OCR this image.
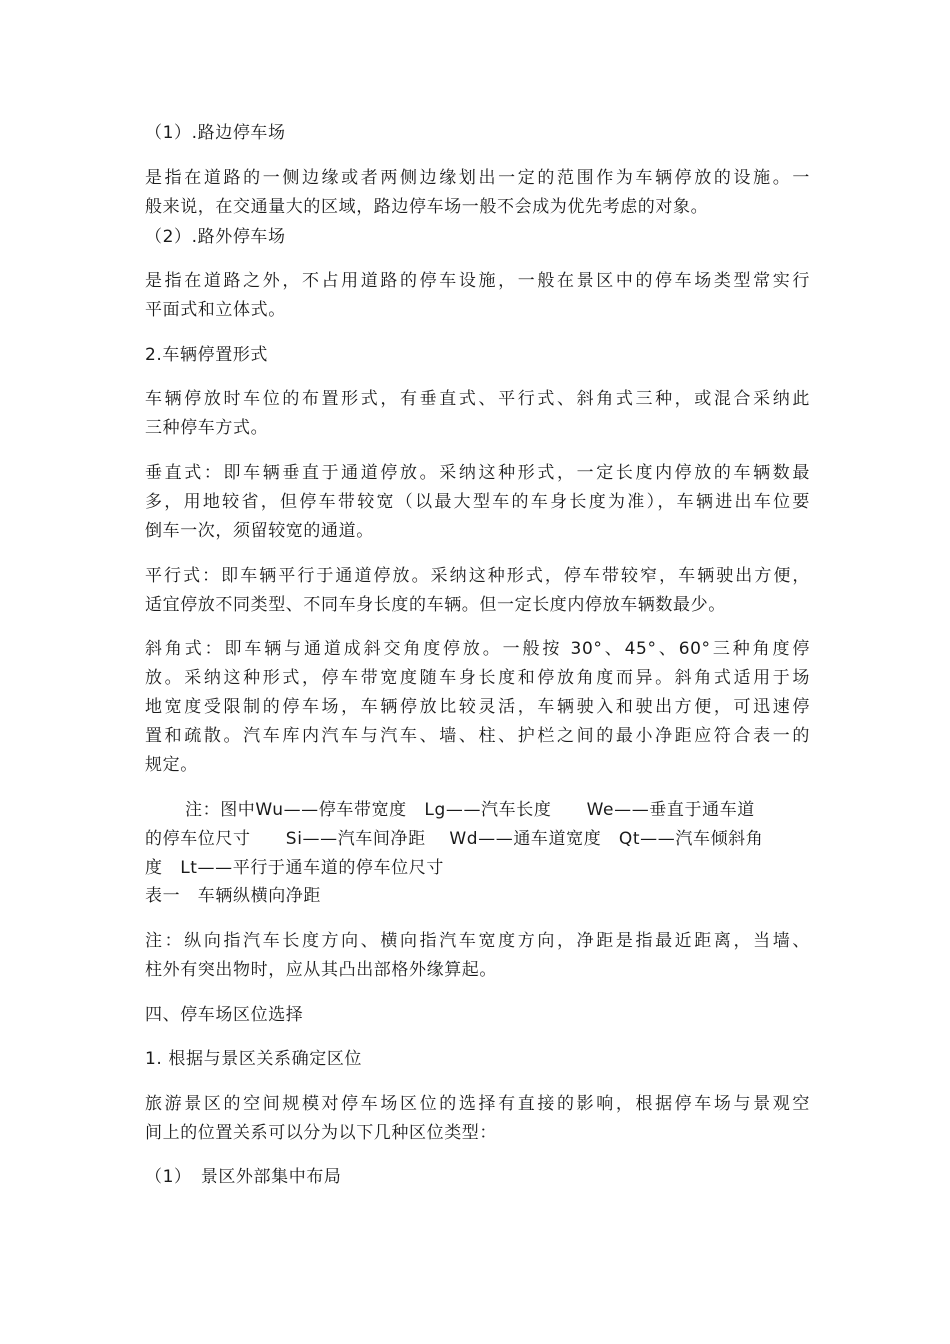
（1）.路边停车场
是指在道路的一侧边缘或者两侧边缘划出一定的范围作为车辆停放的设施。一
般来说，在交通量大的区域，路边停车场一般不会成为优先考虑的对象。
（2）.路外停车场
是指在道路之外，不占用道路的停车设施，一般在景区中的停车场类型常实行
平面式和立体式。
2.车辆停置形式
车辆停放时车位的布置形式，有垂直式、平行式、斜角式三种，或混合采纳此
三种停车方式。
垂直式：即车辆垂直于通道停放。采纳这种形式，一定长度内停放的车辆数最
多，用地较省，但停车带较宽（以最大型车的车身长度为准），车辆进出车位要
倒车一次，须留较宽的通道。
平行式：即车辆平行于通道停放。采纳这种形式，停车带较窄，车辆驶出方便，
适宜停放不同类型、不同车身长度的车辆。但一定长度内停放车辆数最少。
斜角式：即车辆与通道成斜交角度停放。一般按 30°、45°、60°三种角度停
放。采纳这种形式，停车带宽度随车身长度和停放角度而异。斜角式适用于场
地宽度受限制的停车场，车辆停放比较灵活，车辆驶入和驶出方便，可迅速停
置和疏散。汽车库内汽车与汽车、墙、柱、护栏之间的最小净距应符合表一的
规定。
注：图中Wu——停车带宽度　Lg——汽车长度　　We——垂直于通车道
的停车位尺寸　　Si——汽车间净距　 Wd——通车道宽度　Qt——汽车倾斜角
度　Lt——平行于通车道的停车位尺寸
表一　车辆纵横向净距
注：纵向指汽车长度方向、横向指汽车宽度方向，净距是指最近距离，当墙、
柱外有突出物时，应从其凸出部格外缘算起。
四、停车场区位选择
1. 根据与景区关系确定区位
旅游景区的空间规模对停车场区位的选择有直接的影响，根据停车场与景观空
间上的位置关系可以分为以下几种区位类型：
（1）　景区外部集中布局
